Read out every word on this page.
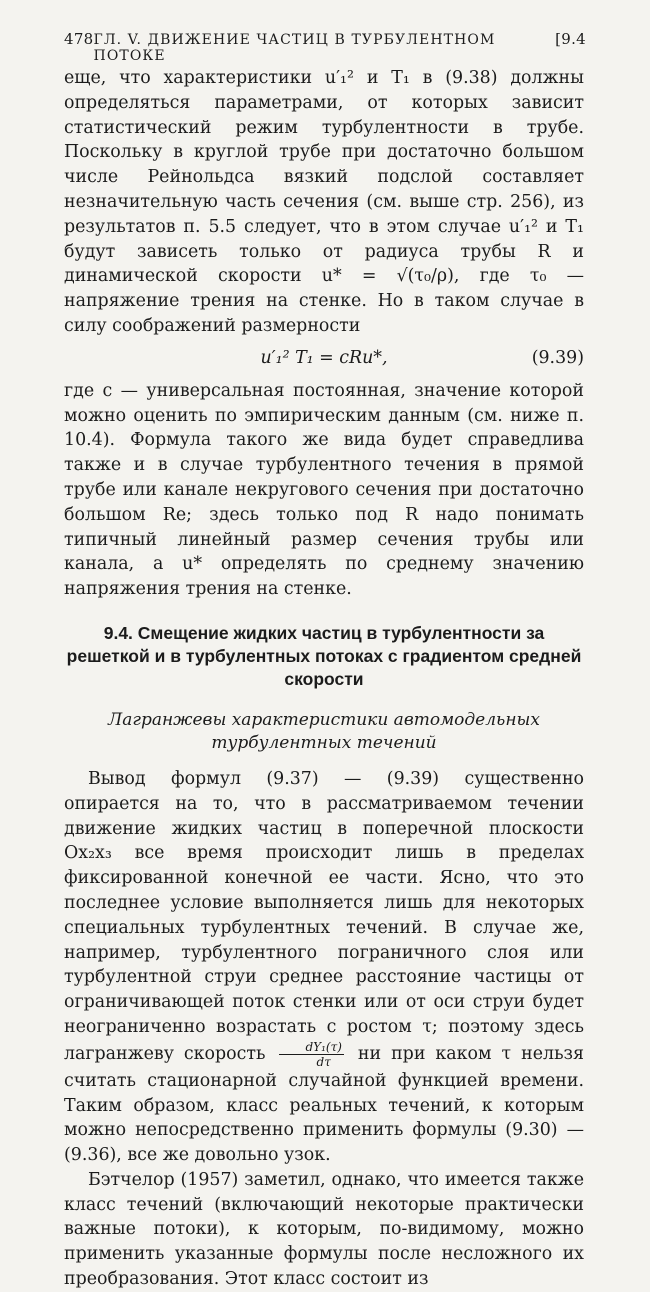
478 ГЛ. V. ДВИЖЕНИЕ ЧАСТИЦ В ТУРБУЛЕНТНОМ ПОТОКЕ
[9.4

еще, что характеристики u′₁² и T₁ в (9.38) должны определяться параметрами, от которых зависит статистический режим турбулентности в трубе. Поскольку в круглой трубе при достаточно большом числе Рейнольдса вязкий подслой составляет незначительную часть сечения (см. выше стр. 256), из результатов п. 5.5 следует, что в этом случае u′₁² и T₁ будут зависеть только от радиуса трубы R и динамической скорости u* = √(τ₀/ρ), где τ₀ — напряжение трения на стенке. Но в таком случае в силу соображений размерности

u′₁² T₁ = cRu*,	(9.39)

где c — универсальная постоянная, значение которой можно оценить по эмпирическим данным (см. ниже п. 10.4). Формула такого же вида будет справедлива также и в случае турбулентного течения в прямой трубе или канале некругового сечения при достаточно большом Re; здесь только под R надо понимать типичный линейный размер сечения трубы или канала, а u* определять по среднему значению напряжения трения на стенке.

9.4. Смещение жидких частиц в турбулентности за решеткой и в турбулентных потоках с градиентом средней скорости
Лагранжевы характеристики автомодельных турбулентных течений

Вывод формул (9.37) — (9.39) существенно опирается на то, что в рассматриваемом течении движение жидких частиц в поперечной плоскости Ox₂x₃ все время происходит лишь в пределах фиксированной конечной ее части. Ясно, что это последнее условие выполняется лишь для некоторых специальных турбулентных течений. В случае же, например, турбулентного пограничного слоя или турбулентной струи среднее расстояние частицы от ограничивающей поток стенки или от оси струи будет неограниченно возрастать с ростом τ; поэтому здесь лагранжеву скорость $\frac{\text{dY₁(τ)}}{d\tau}$ ни при каком τ нельзя считать стационарной случайной функцией времени. Таким образом, класс реальных течений, к которым можно непосредственно применить формулы (9.30) — (9.36), все же довольно узок.

Бэтчелор (1957) заметил, однако, что имеется также класс течений (включающий некоторые практически важные потоки), к которым, по-видимому, можно применить указанные формулы после несложного их преобразования. Этот класс состоит из
